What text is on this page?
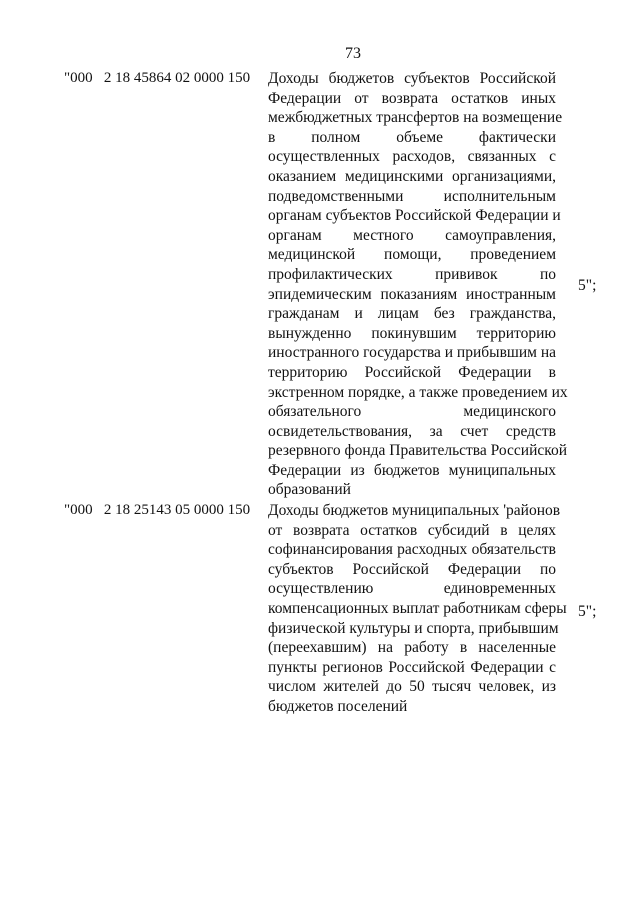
73
"000   2 18 45864 02 0000 150 Доходы бюджетов субъектов Российской
Федерации от возврата остатков иных
межбюджетных трансфертов на возмещение
в полном объеме фактически
осуществленных расходов, связанных с
оказанием медицинскими организациями,
подведомственными исполнительным
органам субъектов Российской Федерации и
органам местного самоуправления,
медицинской помощи, проведением
профилактических прививок по
эпидемическим показаниям иностранным
гражданам и лицам без гражданства,
вынужденно покинувшим территорию
иностранного государства и прибывшим на
территорию Российской Федерации в
экстренном порядке, а также проведением их
обязательного медицинского
освидетельствования, за счет средств
резервного фонда Правительства Российской
Федерации из бюджетов муниципальных
образований
5";
"000   2 18 25143 05 0000 150 Доходы бюджетов муниципальных 'районов
от возврата остатков субсидий в целях
софинансирования расходных обязательств
субъектов Российской Федерации по
осуществлению единовременных
компенсационных выплат работникам сферы
физической культуры и спорта, прибывшим
(переехавшим) на работу в населенные
пункты регионов Российской Федерации с
числом жителей до 50 тысяч человек, из
бюджетов поселений
5";
